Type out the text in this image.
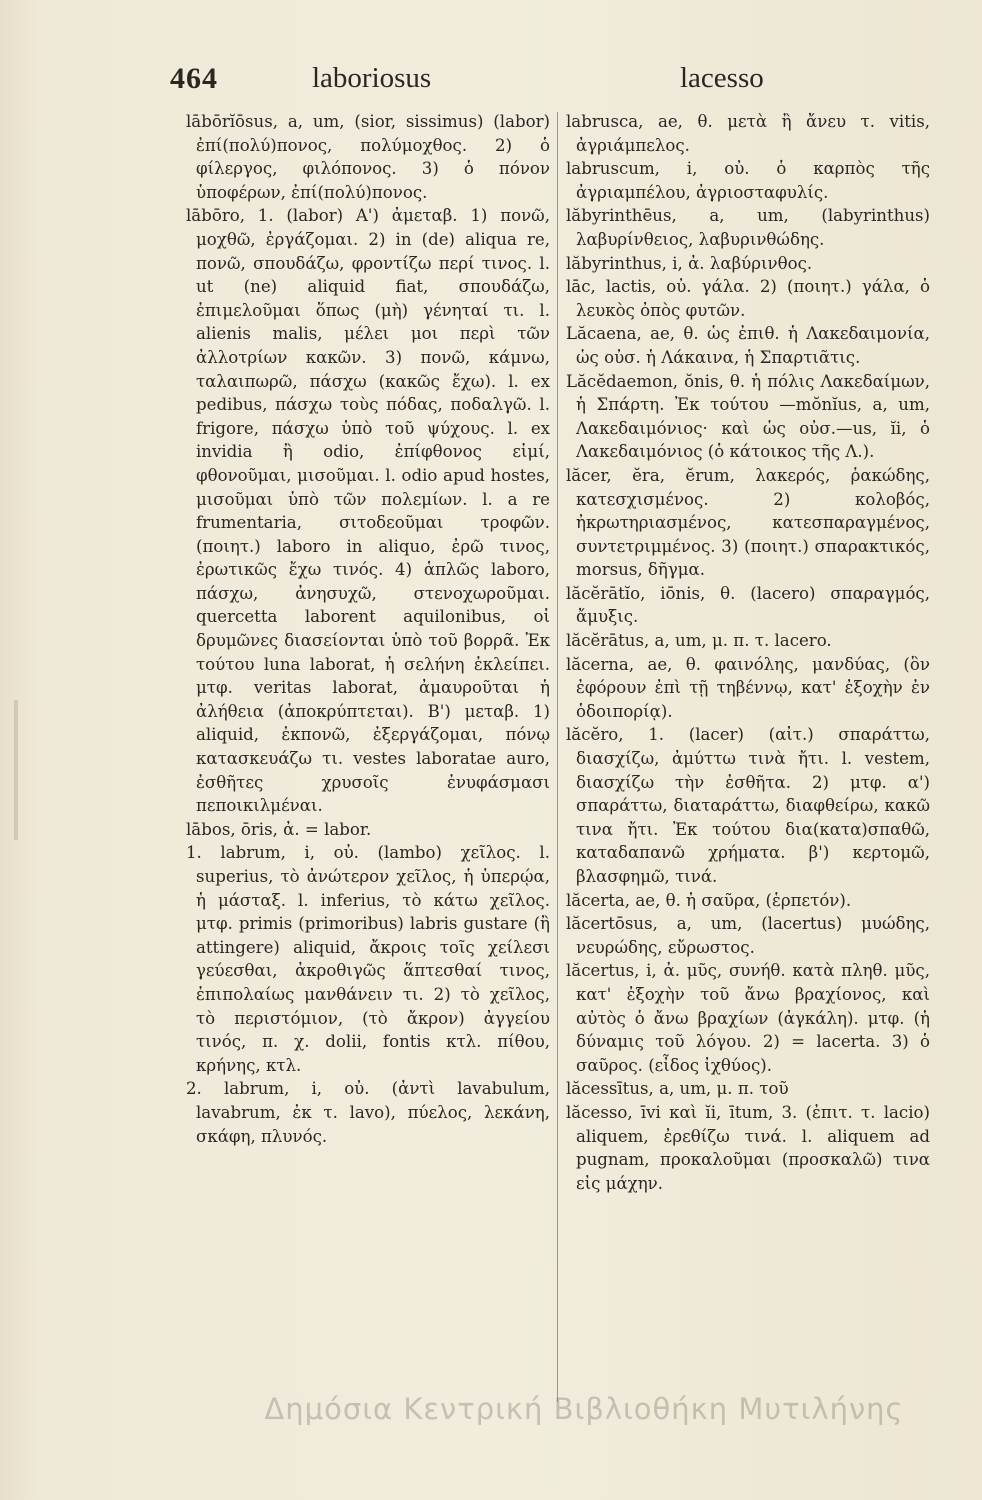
464	laboriosus	lacesso

lābōrĭōsus, a, um, (sior, sissimus) (labor) ἐπί(πολύ)πονος, πολύμοχθος. 2) ὁ φίλεργος, φιλόπονος. 3) ὁ πόνον ὑποφέρων, ἐπί(πολύ)πονος.

lābōro, 1. (labor) Α') ἀμεταβ. 1) πονῶ, μοχθῶ, ἐργάζομαι. 2) in (de) aliqua re, πονῶ, σπουδάζω, φροντίζω περί τινος. l. ut (ne) aliquid fiat, σπουδάζω, ἐπιμελοῦμαι ὅπως (μὴ) γένηταί τι. l. alienis malis, μέλει μοι περὶ τῶν ἀλλοτρίων κακῶν. 3) πονῶ, κάμνω, ταλαιπωρῶ, πάσχω (κακῶς ἔχω). l. ex pedibus, πάσχω τοὺς πόδας, ποδαλγῶ. l. frigore, πάσχω ὑπὸ τοῦ ψύχους. l. ex invidia ἢ odio, ἐπίφθονος εἰμί, φθονοῦμαι, μισοῦμαι. l. odio apud hostes, μισοῦμαι ὑπὸ τῶν πολεμίων. l. a re frumentaria, σιτοδεοῦμαι τροφῶν. (ποιητ.) laboro in aliquo, ἐρῶ τινος, ἐρωτικῶς ἔχω τινός. 4) ἁπλῶς laboro, πάσχω, ἀνησυχῶ, στενοχωροῦμαι. quercetta laborent aquilonibus, οἱ δρυμῶνες διασείονται ὑπὸ τοῦ βορρᾶ. Ἐκ τούτου luna laborat, ἡ σελήνη ἐκλείπει. μτφ. veritas laborat, ἀμαυροῦται ἡ ἀλήθεια (ἀποκρύπτεται). Β') μεταβ. 1) aliquid, ἐκπονῶ, ἐξεργάζομαι, πόνῳ κατασκευάζω τι. vestes laboratae auro, ἐσθῆτες χρυσοῖς ἐνυφάσμασι πεποικιλμέναι.

lābos, ōris, ἀ. = labor.

1. labrum, i, οὐ. (lambo) χεῖλος. l. superius, τὸ ἀνώτερον χεῖλος, ἡ ὑπερῴα, ἡ μάσταξ. l. inferius, τὸ κάτω χεῖλος. μτφ. primis (primoribus) labris gustare (ἢ attingere) aliquid, ἄκροις τοῖς χείλεσι γεύεσθαι, ἀκροθιγῶς ἅπτεσθαί τινος, ἐπιπολαίως μανθάνειν τι. 2) τὸ χεῖλος, τὸ περιστόμιον, (τὸ ἄκρον) ἀγγείου τινός, π. χ. dolii, fontis κτλ. πίθου, κρήνης, κτλ.

2. labrum, i, οὐ. (ἀντὶ lavabulum, lavabrum, ἐκ τ. lavo), πύελος, λεκάνη, σκάφη, πλυνός.

labrusca, ae, θ. μετὰ ἢ ἄνευ τ. vitis, ἀγριάμπελος.

labruscum, i, οὐ. ὁ καρπὸς τῆς ἀγριαμπέλου, ἀγριοσταφυλίς.

lăbyrinthēus, a, um, (labyrinthus) λαβυρίνθειος, λαβυρινθώδης.

lăbyrinthus, i, ἀ. λαβύρινθος.

lāc, lactis, οὐ. γάλα. 2) (ποιητ.) γάλα, ὁ λευκὸς ὀπὸς φυτῶν.

Lăcaena, ae, θ. ὡς ἐπιθ. ἡ Λακεδαιμονία, ὡς οὐσ. ἡ Λάκαινα, ἡ Σπαρτιᾶτις.

Lăcĕdaemon, ŏnis, θ. ἡ πόλις Λακεδαίμων, ἡ Σπάρτη. Ἐκ τούτου —mŏnĭus, a, um, Λακεδαιμόνιος· καὶ ὡς οὐσ.—us, ĭi, ὁ Λακεδαιμόνιος (ὁ κάτοικος τῆς Λ.).

lăcer, ĕra, ĕrum, λακερός, ῥακώδης, κατεσχισμένος. 2) κολοβός, ἠκρωτηριασμένος, κατεσπαραγμένος, συντετριμμένος. 3) (ποιητ.) σπαρακτικός, morsus, δῆγμα.

lăcĕrātĭo, iōnis, θ. (lacero) σπαραγμός, ἄμυξις.

lăcĕrātus, a, um, μ. π. τ. lacero.

lăcerna, ae, θ. φαινόλης, μανδύας, (ὃν ἐφόρουν ἐπὶ τῇ τηβέννῳ, κατ' ἐξοχὴν ἐν ὁδοιπορίᾳ).

lăcĕro, 1. (lacer) (αἰτ.) σπαράττω, διασχίζω, ἀμύττω τινὰ ἤτι. l. vestem, διασχίζω τὴν ἐσθῆτα. 2) μτφ. α') σπαράττω, διαταράττω, διαφθείρω, κακῶ τινα ἤτι. Ἐκ τούτου δια(κατα)σπαθῶ, καταδαπανῶ χρήματα. β') κερτομῶ, βλασφημῶ, τινά.

lăcerta, ae, θ. ἡ σαῦρα, (ἑρπετόν).

lăcertōsus, a, um, (lacertus) μυώδης, νευρώδης, εὔρωστος.

lăcertus, i, ἀ. μῦς, συνήθ. κατὰ πληθ. μῦς, κατ' ἐξοχὴν τοῦ ἄνω βραχίονος, καὶ αὐτὸς ὁ ἄνω βραχίων (ἀγκάλη). μτφ. (ἡ δύναμις τοῦ λόγου. 2) = lacerta. 3) ὁ σαῦρος. (εἶδος ἰχθύος).

lăcessītus, a, um, μ. π. τοῦ

lăcesso, īvi καὶ ĭi, ītum, 3. (ἐπιτ. τ. lacio) aliquem, ἐρεθίζω τινά. l. aliquem ad pugnam, προκαλοῦμαι (προσκαλῶ) τινα εἰς μάχην.

Δημόσια Κεντρική Βιβλιοθήκη Μυτιλήνης
